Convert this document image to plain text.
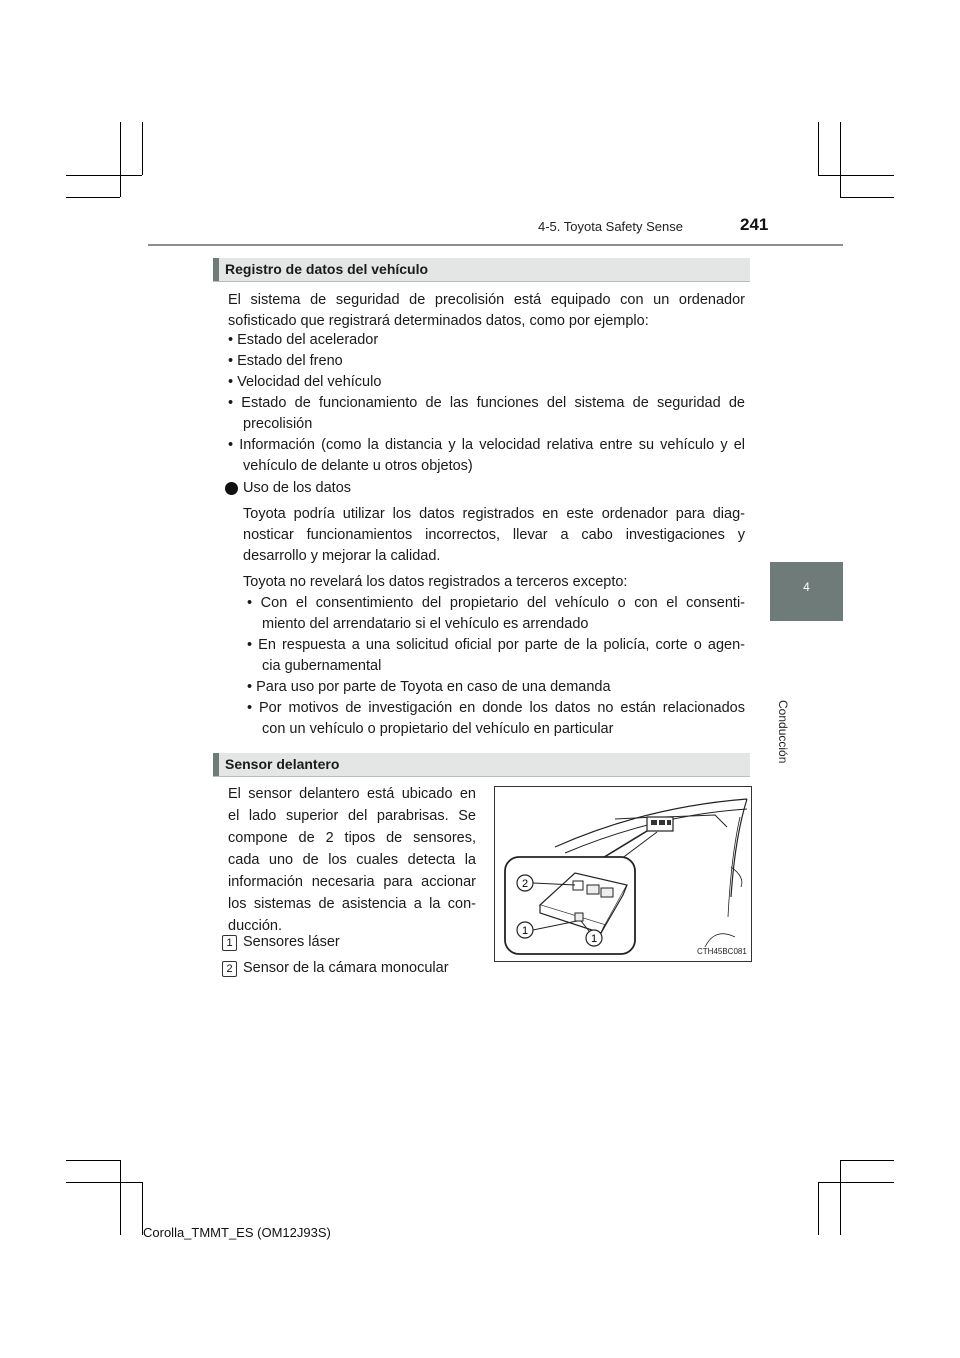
4-5. Toyota Safety Sense	241
4
Conducción
Registro de datos del vehículo
El sistema de seguridad de precolisión está equipado con un ordenador
sofisticado que registrará determinados datos, como por ejemplo:
• Estado del acelerador
• Estado del freno
• Velocidad del vehículo
• Estado de funcionamiento de las funciones del sistema de seguridad de
precolisión
• Información (como la distancia y la velocidad relativa entre su vehículo y el
vehículo de delante u otros objetos)
Uso de los datos
Toyota podría utilizar los datos registrados en este ordenador para diag-
nosticar funcionamientos incorrectos, llevar a cabo investigaciones y
desarrollo y mejorar la calidad.
Toyota no revelará los datos registrados a terceros excepto:
• Con el consentimiento del propietario del vehículo o con el consenti-
miento del arrendatario si el vehículo es arrendado
• En respuesta a una solicitud oficial por parte de la policía, corte o agen-
cia gubernamental
• Para uso por parte de Toyota en caso de una demanda
• Por motivos de investigación en donde los datos no están relacionados
con un vehículo o propietario del vehículo en particular
Sensor delantero
El sensor delantero está ubicado en
el lado superior del parabrisas. Se
compone de 2 tipos de sensores,
cada uno de los cuales detecta la
información necesaria para accionar
los sistemas de asistencia a la con-
ducción.
1 Sensores láser
2 Sensor de la cámara monocular
2
1
1
CTH45BC081
Corolla_TMMT_ES (OM12J93S)
